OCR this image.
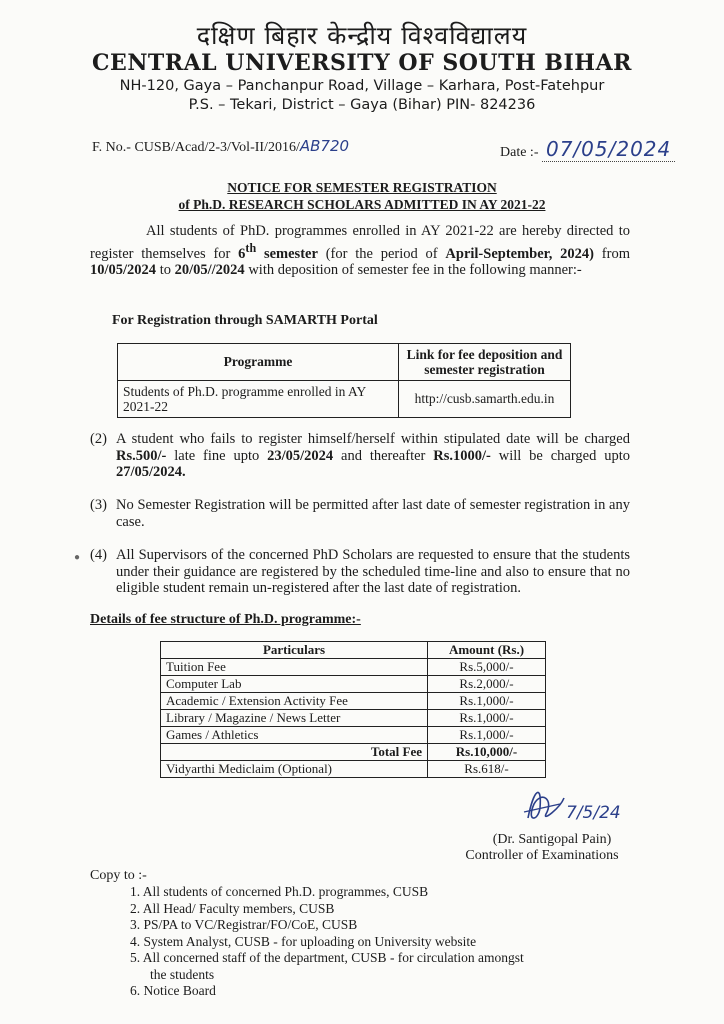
दक्षिण बिहार केन्द्रीय विश्वविद्यालय
CENTRAL UNIVERSITY OF SOUTH BIHAR
NH-120, Gaya – Panchanpur Road, Village – Karhara, Post-Fatehpur
P.S. – Tekari, District – Gaya (Bihar) PIN- 824236
F. No.- CUSB/Acad/2-3/Vol-II/2016/AB720	Date :- 07/05/2024
NOTICE FOR SEMESTER REGISTRATION
of Ph.D. RESEARCH SCHOLARS ADMITTED IN AY 2021-22
All students of PhD. programmes enrolled in AY 2021-22 are hereby directed to register themselves for 6th semester (for the period of April-September, 2024) from 10/05/2024 to 20/05//2024 with deposition of semester fee in the following manner:-
For Registration through SAMARTH Portal
Programme	Link for fee deposition and semester registration
Students of Ph.D. programme enrolled in AY 2021-22	http://cusb.samarth.edu.in
(2) A student who fails to register himself/herself within stipulated date will be charged Rs.500/- late fine upto 23/05/2024 and thereafter Rs.1000/- will be charged upto 27/05/2024.
(3) No Semester Registration will be permitted after last date of semester registration in any case.
● (4) All Supervisors of the concerned PhD Scholars are requested to ensure that the students under their guidance are registered by the scheduled time-line and also to ensure that no eligible student remain un-registered after the last date of registration.
Details of fee structure of Ph.D. programme:-
Particulars	Amount (Rs.)
Tuition Fee	Rs.5,000/-
Computer Lab	Rs.2,000/-
Academic / Extension Activity Fee	Rs.1,000/-
Library / Magazine / News Letter	Rs.1,000/-
Games / Athletics	Rs.1,000/-
Total Fee	Rs.10,000/-
Vidyarthi Mediclaim (Optional)	Rs.618/-
7/5/24
(Dr. Santigopal Pain)
Controller of Examinations
Copy to :-
1. All students of concerned Ph.D. programmes, CUSB
2. All Head/ Faculty members, CUSB
3. PS/PA to VC/Registrar/FO/CoE, CUSB
4. System Analyst, CUSB - for uploading on University website
5. All concerned staff of the department, CUSB - for circulation amongst
the students
6. Notice Board
